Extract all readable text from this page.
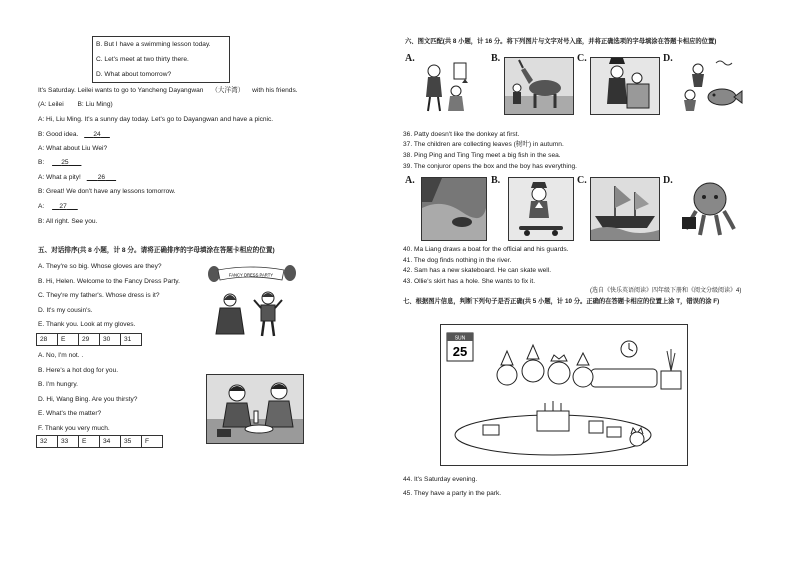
B. But I have a swimming lesson today.
C. Let's meet at two thirty there.
D. What about tomorrow?
It's Saturday. Leilei wants to go to Yancheng Dayangwan （大洋湾） with his friends.
(A: Leilei B: Liu Ming)
A: Hi, Liu Ming. It's a sunny day today. Let's go to Dayangwan and have a picnic.
B: Good idea. 24
A: What about Liu Wei?
B:	25
A: What a pity!	26
B: Great! We don't have any lessons tomorrow.
A: 27
B: All right. See you.
五、对话排序(共 8 小题，计 8 分。请将正确排序的字母填涂在答题卡相应的位置)
A. They're so big. Whose gloves are they?
B. Hi, Helen. Welcome to the Fancy Dress Party.
C. They're my father's. Whose dress is it?
D. It's my cousin's.
E. Thank you. Look at my gloves.
28	E	29	30	31
FANCY DRESS PARTY
A. No, I'm not. .
B. Here's a hot dog for you.
B. I'm hungry.
D. Hi, Wang Bing. Are you thirsty?
E. What's the matter?
F. Thank you very much.
32	33	E	34	35	F
六、图文匹配(共 8 小题，计 16 分。将下列图片与文字对号入座，并将正确选项的字母填涂在答题卡相应的位置)
A.	B.	C.	D.
36. Patty doesn't like the donkey at first.
37. The children are collecting leaves (树叶) in autumn.
38. Ping Ping and Ting Ting meet a big fish in the sea.
39. The conjuror opens the box and the boy has everything.
A.	B.	C.	D.
40. Ma Liang draws a boat for the official and his guards.
41. The dog finds nothing in the river.
42. Sam has a new skateboard. He can skate well.
43. Ollie's skirt has a hole. She wants to fix it.
(选自《快乐英语阅读》四年级下册和《阅文分级阅读》4)
七、根据图片信息，判断下列句子是否正确(共 5 小题，计 10 分。正确的在答题卡相应的位置上涂 T，错误的涂 F)
SUN
25
44. It's Saturday evening.
45. They have a party in the park.
